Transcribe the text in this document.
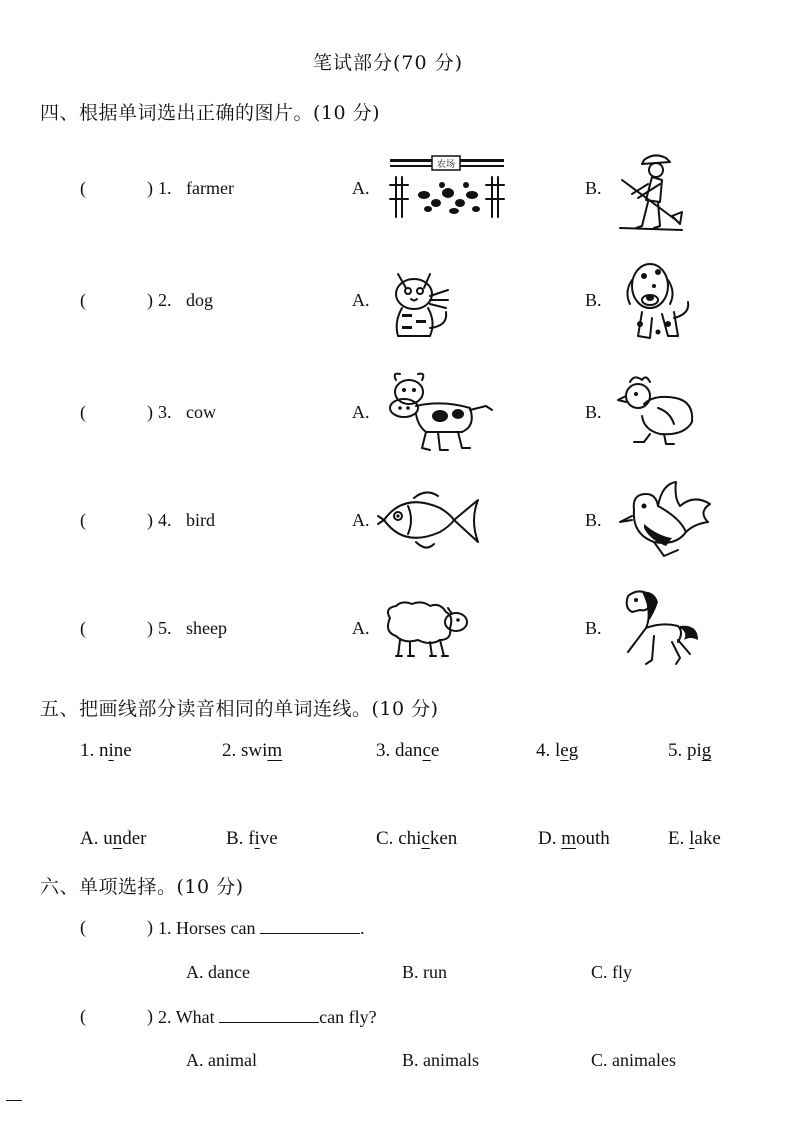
笔试部分(70 分)
四、根据单词选出正确的图片。(10 分)
(	) 1. farmer	A.	B.
(	) 2. dog	A.	B.
(	) 3. cow	A.	B.
(	) 4. bird	A.	B.
(	) 5. sheep	A.	B.
农场
五、把画线部分读音相同的单词连线。(10 分)
1. nine	2. swim	3. dance	4. leg	5. pig
A. under	B. five	C. chicken	D. mouth	E. lake
六、单项选择。(10 分)
(	) 1. Horses can	.
A. dance	B. run	C. fly
(	) 2. What	can fly?
A. animal	B. animals	C. animales
